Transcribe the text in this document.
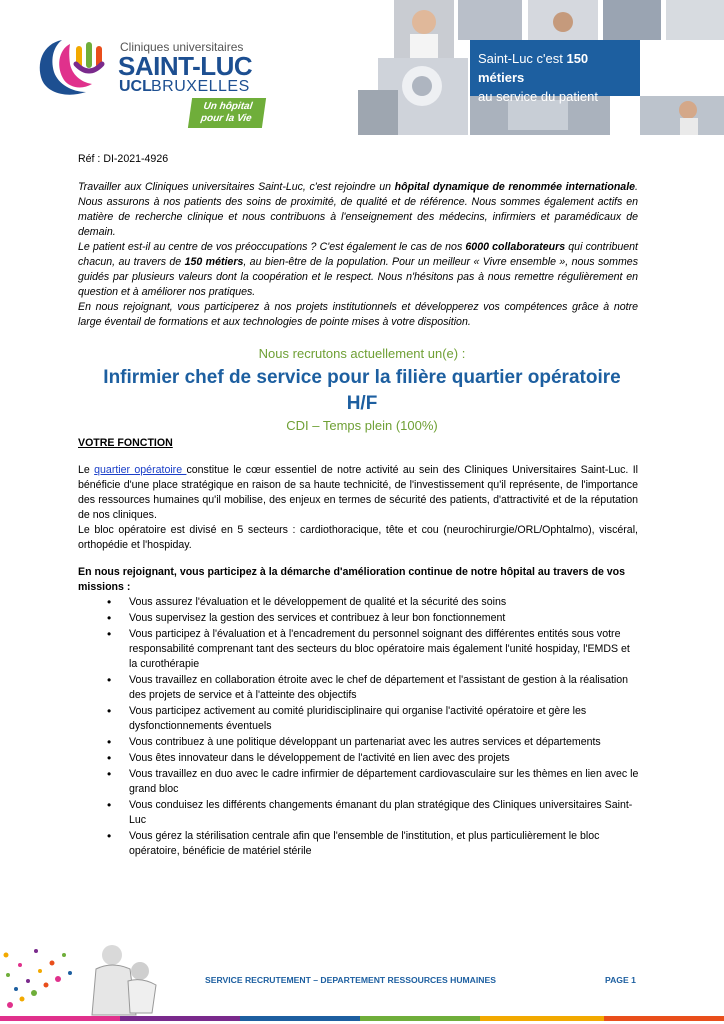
Cliniques universitaires
SAINT-LUC
UCL BRUXELLES
Un hôpital
pour la Vie
Saint-Luc c'est 150 métiers
au service du patient
Réf : DI-2021-4926
Travailler aux Cliniques universitaires Saint-Luc, c'est rejoindre un hôpital dynamique de renommée internationale. Nous assurons à nos patients des soins de proximité, de qualité et de référence. Nous sommes également actifs en matière de recherche clinique et nous contribuons à l'enseignement des médecins, infirmiers et paramédicaux de demain.
Le patient est-il au centre de vos préoccupations ? C'est également le cas de nos 6000 collaborateurs qui contribuent chacun, au travers de 150 métiers, au bien-être de la population. Pour un meilleur « Vivre ensemble », nous sommes guidés par plusieurs valeurs dont la coopération et le respect. Nous n'hésitons pas à nous remettre régulièrement en question et à améliorer nos pratiques.
En nous rejoignant, vous participerez à nos projets institutionnels et développerez vos compétences grâce à notre large éventail de formations et aux technologies de pointe mises à votre disposition.
Nous recrutons actuellement un(e) :
Infirmier chef de service pour la filière quartier opératoire
H/F
CDI – Temps plein (100%)
VOTRE FONCTION
Le quartier opératoire constitue le cœur essentiel de notre activité au sein des Cliniques Universitaires Saint-Luc. Il bénéficie d'une place stratégique en raison de sa haute technicité, de l'investissement qu'il représente, de l'importance des ressources humaines qu'il mobilise, des enjeux en termes de sécurité des patients, d'attractivité et de la réputation de nos cliniques.
Le bloc opératoire est divisé en 5 secteurs : cardiothoracique, tête et cou (neurochirurgie/ORL/Ophtalmo), viscéral, orthopédie et l'hospiday.
En nous rejoignant, vous participez à la démarche d'amélioration continue de notre hôpital au travers de vos missions :
• Vous assurez l'évaluation et le développement de qualité et la sécurité des soins
• Vous supervisez la gestion des services et contribuez à leur bon fonctionnement
• Vous participez à l'évaluation et à l'encadrement du personnel soignant des différentes entités sous votre responsabilité comprenant tant des secteurs du bloc opératoire mais également l'unité hospiday, l'EMDS et la curothérapie
• Vous travaillez en collaboration étroite avec le chef de département et l'assistant de gestion à la réalisation des projets de service et à l'atteinte des objectifs
• Vous participez activement au comité pluridisciplinaire qui organise l'activité opératoire et gère les dysfonctionnements éventuels
• Vous contribuez à une politique développant un partenariat avec les autres services et départements
• Vous êtes innovateur dans le développement de l'activité en lien avec des projets
• Vous travaillez en duo avec le cadre infirmier de département cardiovasculaire sur les thèmes en lien avec le grand bloc
• Vous conduisez les différents changements émanant du plan stratégique des Cliniques universitaires Saint-Luc
• Vous gérez la stérilisation centrale afin que l'ensemble de l'institution, et plus particulièrement le bloc opératoire, bénéficie de matériel stérile
SERVICE RECRUTEMENT – DEPARTEMENT RESSOURCES HUMAINES	PAGE 1
